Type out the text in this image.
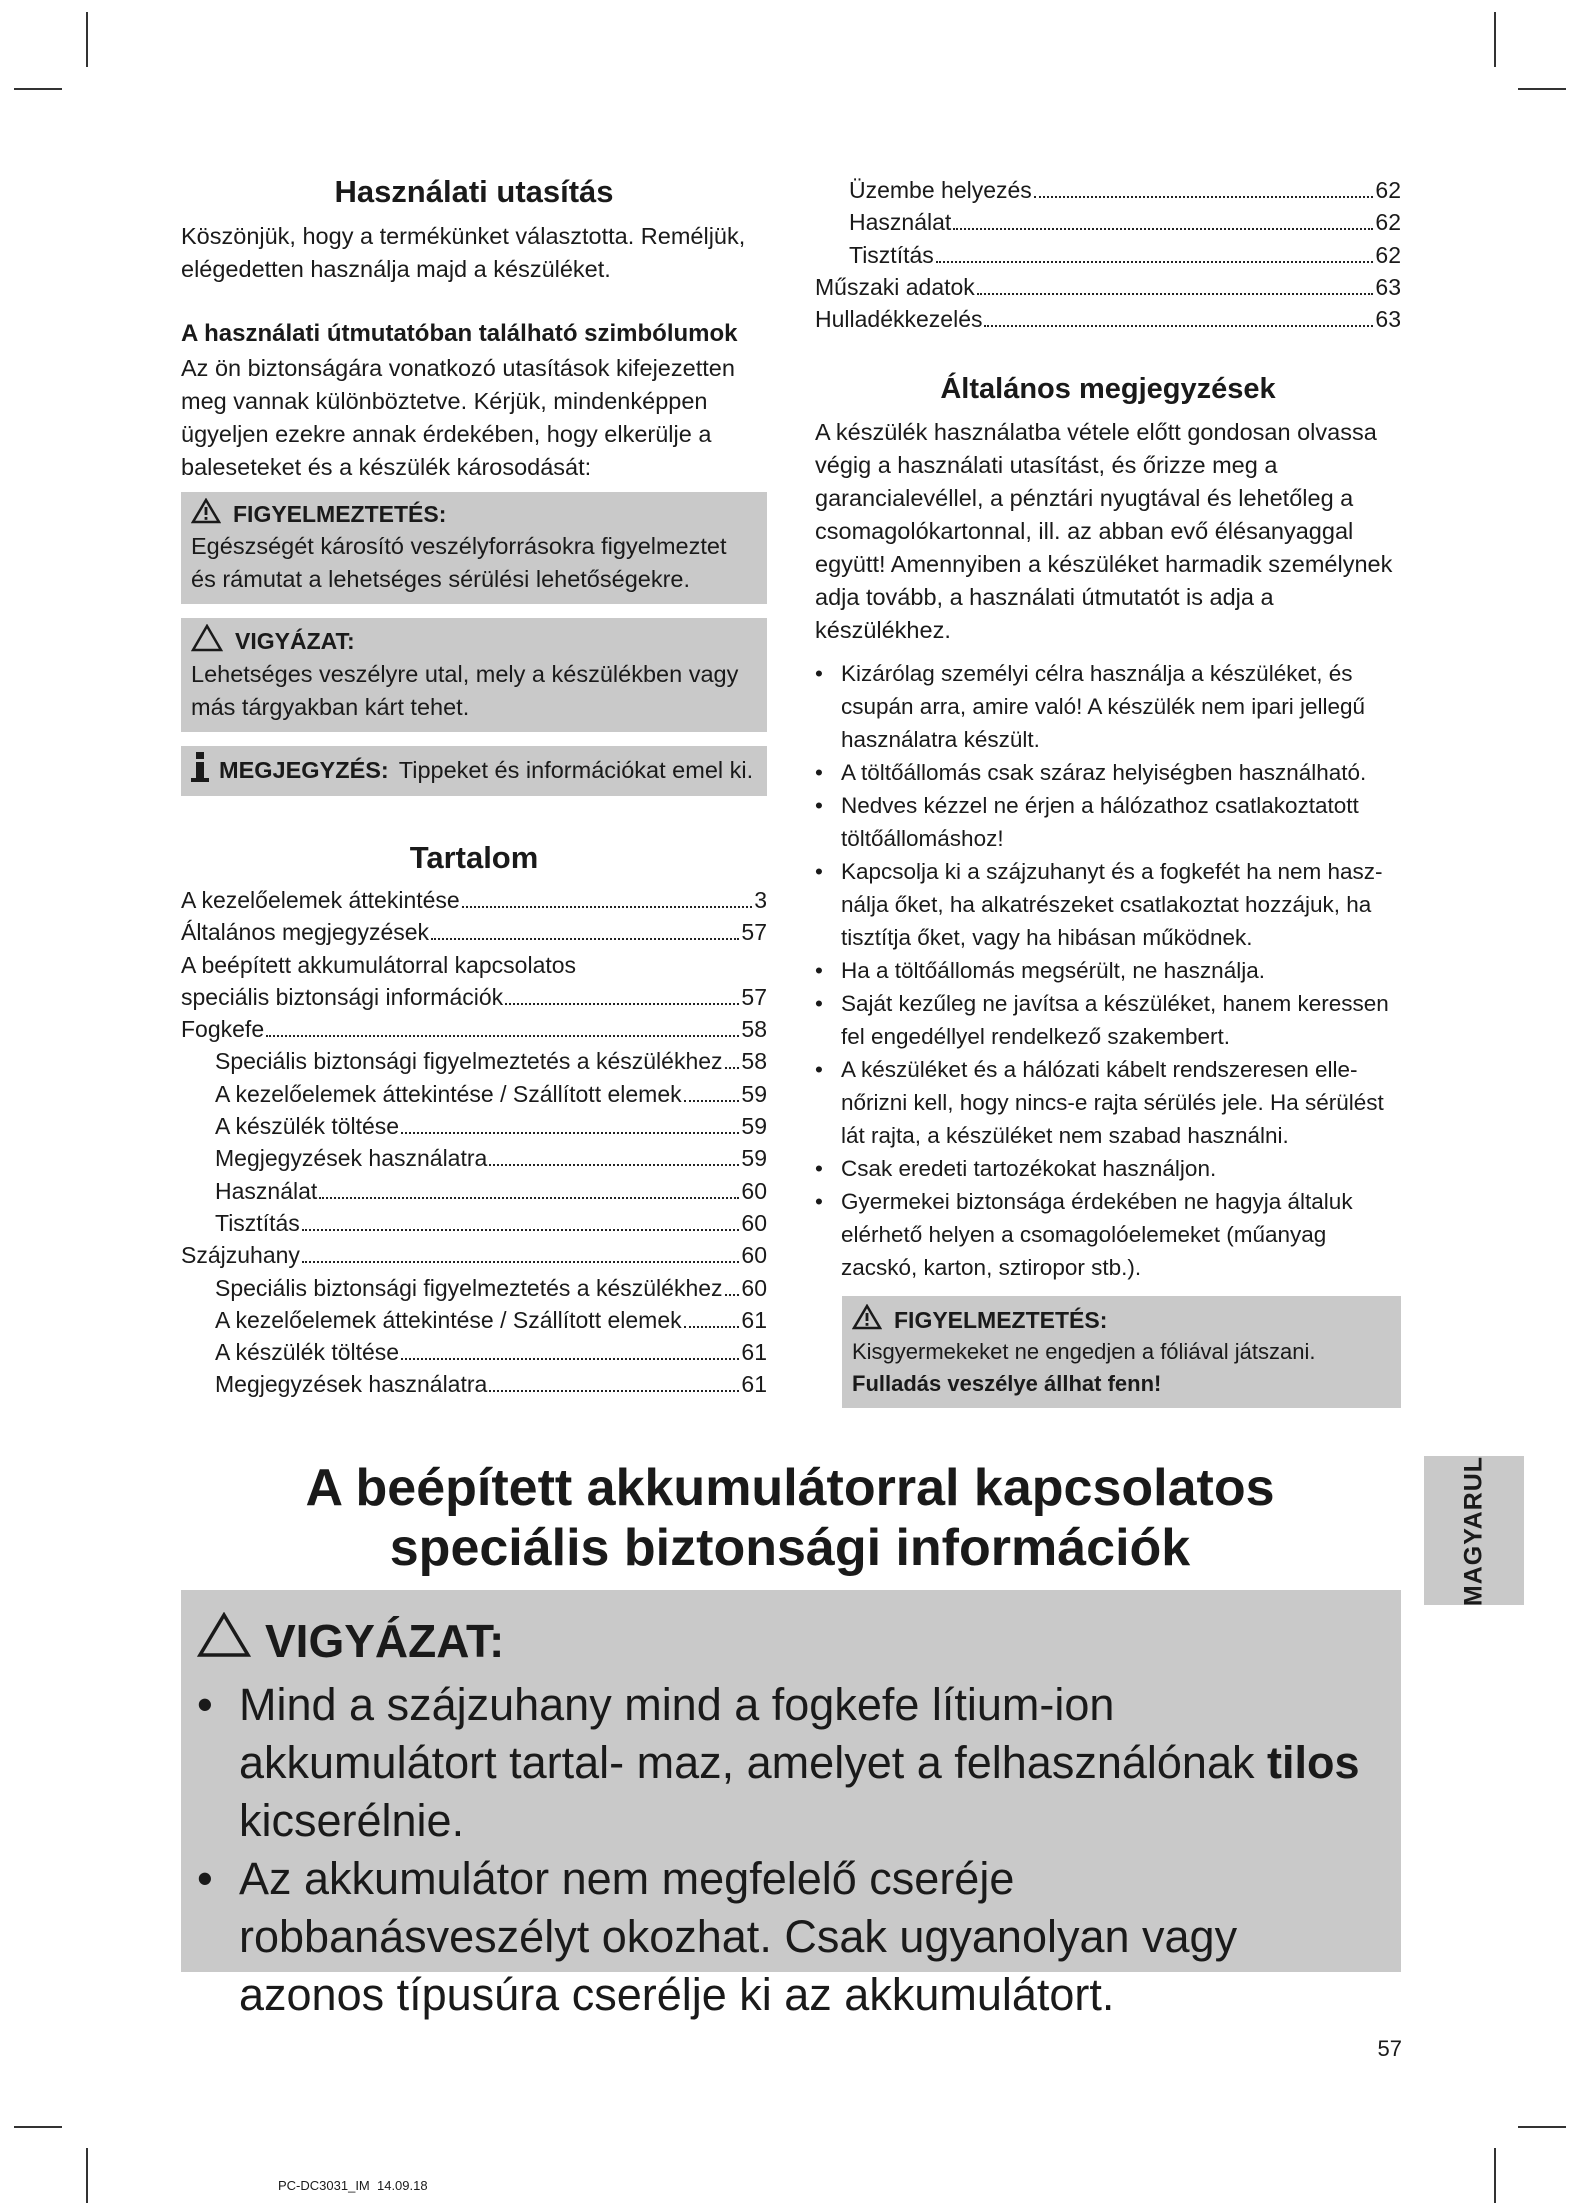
Használati utasítás
Köszönjük, hogy a termékünket választotta. Reméljük, elégedetten használja majd a készüléket.
A használati útmutatóban található szimbólumok
Az ön biztonságára vonatkozó utasítások kifejezetten meg vannak különböztetve. Kérjük, mindenképpen ügyeljen ezekre annak érdekében, hogy elkerülje a baleseteket és a készülék károsodását:
FIGYELMEZTETÉS:
Egészségét károsító veszélyforrásokra figyelmeztet és rámutat a lehetséges sérülési lehetőségekre.
VIGYÁZAT:
Lehetséges veszélyre utal, mely a készülékben vagy más tárgyakban kárt tehet.
MEGJEGYZÉS: Tippeket és információkat emel ki.
Tartalom
A kezelőelemek áttekintése	3
Általános megjegyzések	57
A beépített akkumulátorral kapcsolatos
speciális biztonsági információk	57
Fogkefe	58
Speciális biztonsági figyelmeztetés a készülékhez 58
A kezelőelemek áttekintése / Szállított elemek	59
A készülék töltése	59
Megjegyzések használatra	59
Használat	60
Tisztítás	60
Szájzuhany	60
Speciális biztonsági figyelmeztetés a készülékhez 60
A kezelőelemek áttekintése / Szállított elemek	61
A készülék töltése	61
Megjegyzések használatra	61
Üzembe helyezés	62
Használat	62
Tisztítás	62
Műszaki adatok	63
Hulladékkezelés	63
Általános megjegyzések
A készülék használatba vétele előtt gondosan olvassa végig a használati utasítást, és őrizze meg a garancialevéllel, a pénztári nyugtával és lehetőleg a csomagolókartonnal, ill. az abban evő élésanyaggal együtt! Amennyiben a készüléket harmadik személynek adja tovább, a használati útmutatót is adja a készülékhez.
• Kizárólag személyi célra használja a készüléket, és csupán arra, amire való! A készülék nem ipari jellegű használatra készült.
• A töltőállomás csak száraz helyiségben használható.
• Nedves kézzel ne érjen a hálózathoz csatlakoztatott töltőállomáshoz!
• Kapcsolja ki a szájzuhanyt és a fogkefét ha nem hasz- nálja őket, ha alkatrészeket csatlakoztat hozzájuk, ha tisztítja őket, vagy ha hibásan működnek.
• Ha a töltőállomás megsérült, ne használja.
• Saját kezűleg ne javítsa a készüléket, hanem keressen fel engedéllyel rendelkező szakembert.
• A készüléket és a hálózati kábelt rendszeresen elle- nőrizni kell, hogy nincs-e rajta sérülés jele. Ha sérülést lát rajta, a készüléket nem szabad használni.
• Csak eredeti tartozékokat használjon.
• Gyermekei biztonsága érdekében ne hagyja általuk elérhető helyen a csomagolóelemeket (műanyag zacskó, karton, sztiropor stb.).
FIGYELMEZTETÉS:
Kisgyermekeket ne engedjen a fóliával játszani.
Fulladás veszélye állhat fenn!
MAGYARUL
A beépített akkumulátorral kapcsolatos
speciális biztonsági információk
VIGYÁZAT:
• Mind a szájzuhany mind a fogkefe lítium-ion akkumulátort tartal- maz, amelyet a felhasználónak tilos kicserélnie.
• Az akkumulátor nem megfelelő cseréje robbanásveszélyt okozhat. Csak ugyanolyan vagy azonos típusúra cserélje ki az akkumulátort.
57
PC-DC3031_IM  14.09.18
